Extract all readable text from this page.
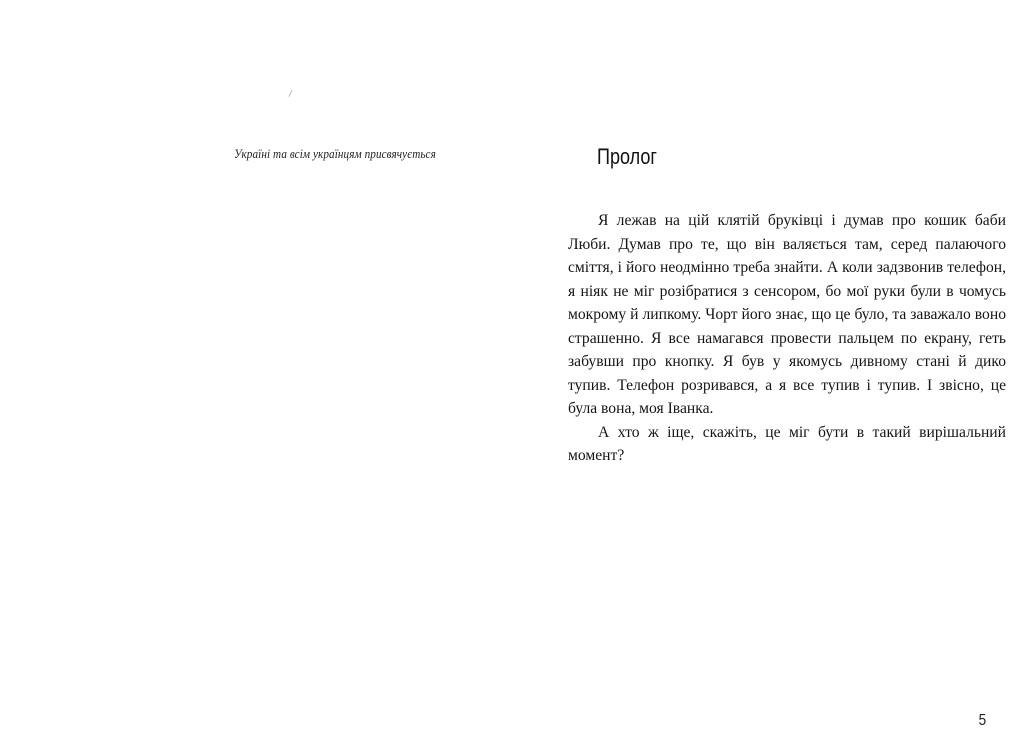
Україні та всім українцям присвячується	Пролог

Я лежав на цій клятій бруківці і думав про кошик баби Люби. Думав про те, що він валяється там, серед палаючого сміття, і його неодмінно треба знайти. А коли задзвонив телефон, я ніяк не міг розібратися з сенсором, бо мої руки були в чомусь мокрому й липкому. Чорт його знає, що це було, та заважало воно страшенно. Я все намагався провести пальцем по екрану, геть забувши про кнопку. Я був у якомусь дивному стані й дико тупив. Телефон розривався, а я все тупив і тупив. І звісно, це була вона, моя Іванка.

А хто ж іще, скажіть, це міг бути в такий вирішальний момент?

5
